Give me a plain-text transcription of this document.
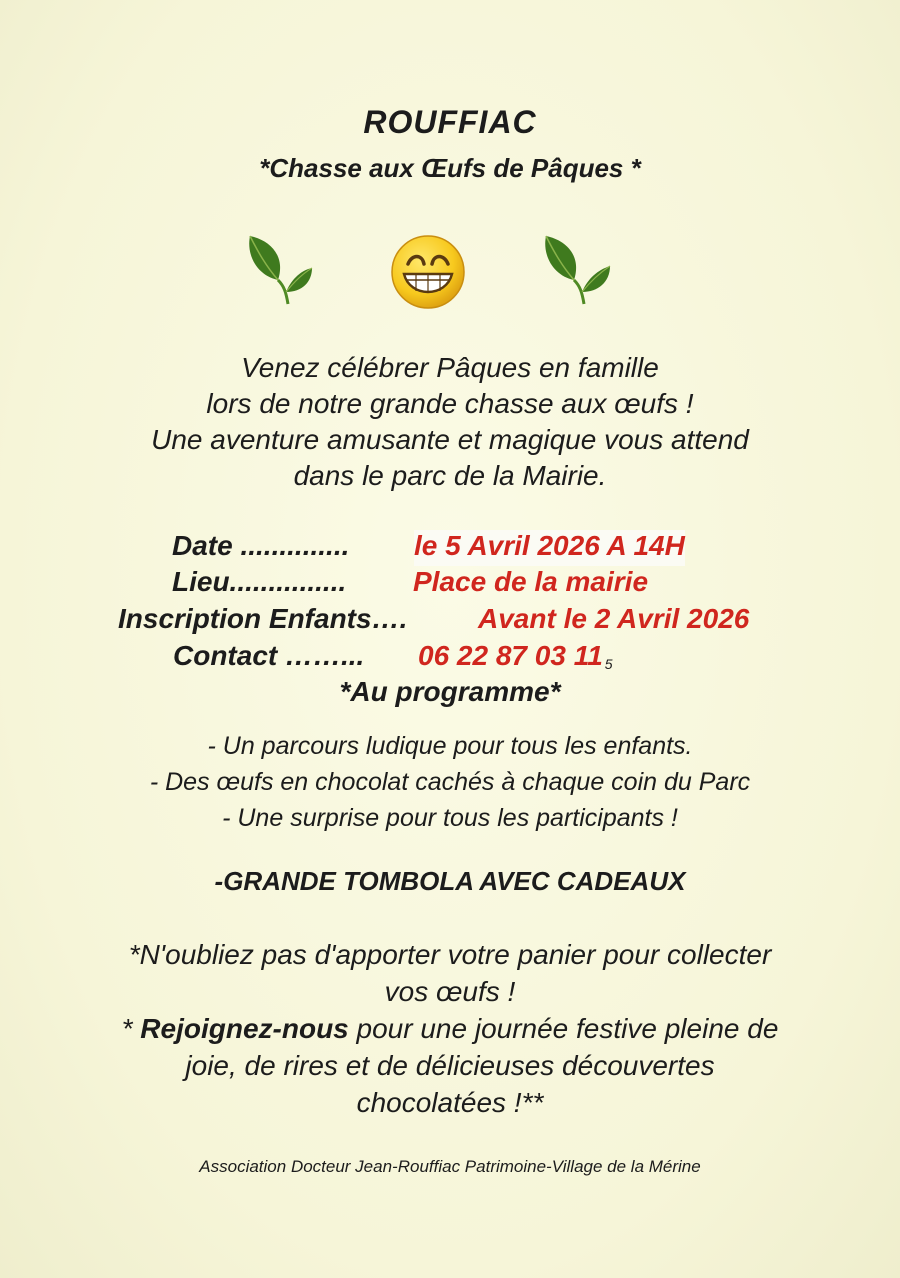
ROUFFIAC
*Chasse aux Œufs de Pâques *
Venez célébrer Pâques en famille
lors de notre grande chasse aux œufs !
Une aventure amusante et magique vous attend
dans le parc de la Mairie.
Date .............. le 5 Avril 2026 A 14H
Lieu............... Place de la mairie
Inscription Enfants….	Avant le 2 Avril 2026
Contact ……... 06 22 87 03 11 $_5$
*Au programme*
- Un parcours ludique pour tous les enfants.
- Des œufs en chocolat cachés à chaque coin du Parc
- Une surprise pour tous les participants !
-GRANDE TOMBOLA AVEC CADEAUX
*N'oubliez pas d'apporter votre panier pour collecter
vos œufs !
* Rejoignez-nous pour une journée festive pleine de
joie, de rires et de délicieuses découvertes
chocolatées !**
Association Docteur Jean-Rouffiac Patrimoine-Village de la Mérine
